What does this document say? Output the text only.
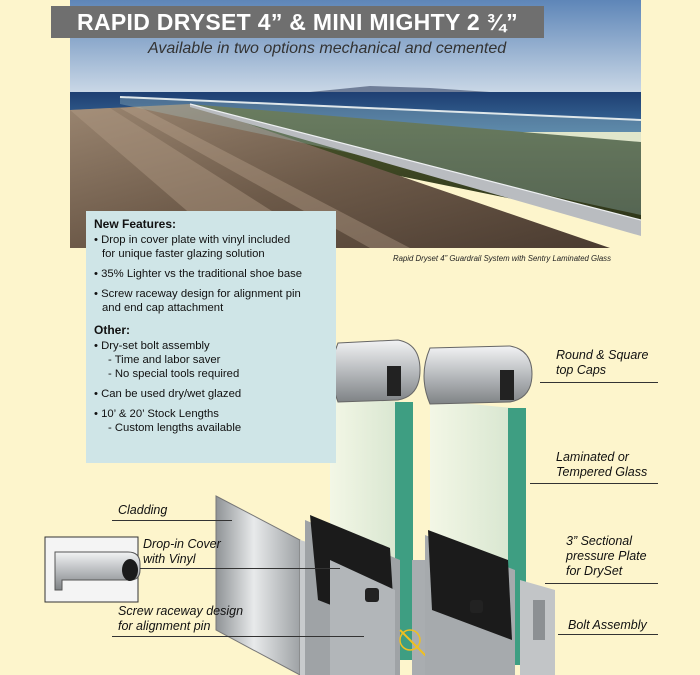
RAPID DRYSET 4” & MINI MIGHTY 2 ¾”
Available in two options mechanical and cemented
Rapid Dryset 4” Guardrail System with Sentry Laminated Glass
New Features:
• Drop in cover plate with vinyl included
for unique faster glazing solution
• 35% Lighter vs the traditional shoe base
• Screw raceway design for alignment pin
and end cap attachment
Other:
• Dry-set bolt assembly
- Time and labor saver
- No special tools required
• Can be used dry/wet glazed
• 10’ & 20’ Stock Lengths
- Custom lengths available
Round & Square
top Caps
Laminated or
Tempered Glass
3” Sectional
pressure Plate
for DrySet
Bolt Assembly
Cladding
Drop-in Cover
with Vinyl
Screw raceway design
for alignment pin
